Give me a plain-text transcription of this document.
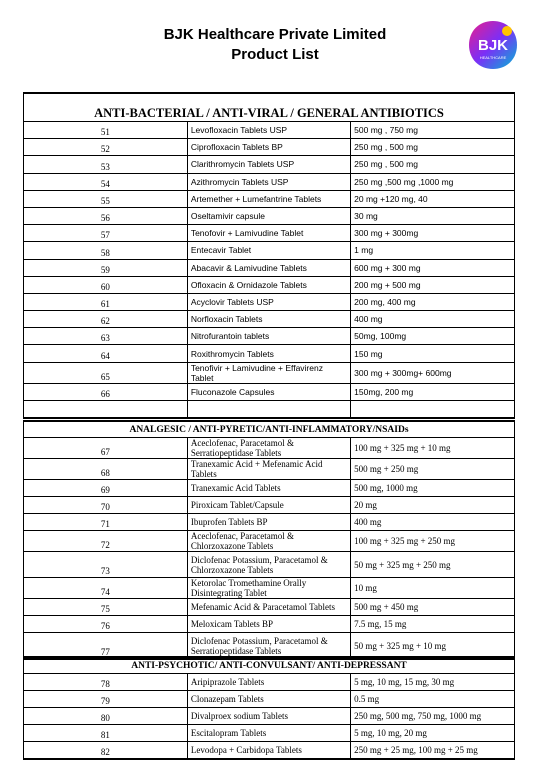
BJK Healthcare Private Limited
Product List
BJK
HEALTHCARE
ANTI-BACTERIAL / ANTI-VIRAL / GENERAL ANTIBIOTICS		
51	Levofloxacin Tablets USP	500 mg , 750 mg
52	Ciprofloxacin Tablets BP	250 mg , 500 mg
53	Clarithromycin Tablets USP	250 mg , 500 mg
54	Azithromycin Tablets USP	250 mg ,500 mg ,1000 mg
55	Artemether + Lumefantrine Tablets	20 mg +120 mg, 40
56	Oseltamivir capsule	30 mg
57	Tenofovir + Lamivudine Tablet	300 mg + 300mg
58	Entecavir Tablet	1 mg
59	Abacavir & Lamivudine Tablets	600 mg + 300 mg
60	Ofloxacin & Ornidazole Tablets	200 mg + 500 mg
61	Acyclovir Tablets USP	200 mg, 400 mg
62	Norfloxacin Tablets	400 mg
63	Nitrofurantoin tablets	50mg, 100mg
64	Roxithromycin Tablets	150 mg
65	Tenofivir + Lamivudine + Effavirenz Tablet	300 mg + 300mg+ 600mg
66	Fluconazole Capsules	150mg, 200 mg

ANALGESIC / ANTI-PYRETIC/ANTI-INFLAMMATORY/NSAIDs		
67	Aceclofenac, Paracetamol & Serratiopeptidase Tablets	100 mg + 325 mg + 10 mg
68	Tranexamic Acid + Mefenamic Acid Tablets	500 mg + 250 mg
69	Tranexamic Acid Tablets	500 mg, 1000 mg
70	Piroxicam Tablet/Capsule	20 mg
71	Ibuprofen Tablets BP	400 mg
72	Aceclofenac, Paracetamol & Chlorzoxazone Tablets	100 mg + 325 mg + 250 mg
73	Diclofenac Potassium, Paracetamol & Chlorzoxazone Tablets	50 mg + 325 mg + 250 mg
74	Ketorolac Tromethamine Orally Disintegrating Tablet	10 mg
75	Mefenamic Acid & Paracetamol Tablets	500 mg + 450 mg
76	Meloxicam Tablets BP	7.5 mg, 15 mg
77	Diclofenac Potassium, Paracetamol & Serratiopeptidase Tablets	50 mg + 325 mg + 10 mg
ANTI-PSYCHOTIC/ ANTI-CONVULSANT/ ANTI-DEPRESSANT		
78	Aripiprazole Tablets	5 mg, 10 mg, 15 mg, 30 mg
79	Clonazepam Tablets	0.5 mg
80	Divalproex sodium Tablets	250 mg, 500 mg, 750 mg, 1000 mg
81	Escitalopram Tablets	5 mg, 10 mg, 20 mg
82	Levodopa + Carbidopa Tablets	250 mg + 25 mg, 100 mg + 25 mg
